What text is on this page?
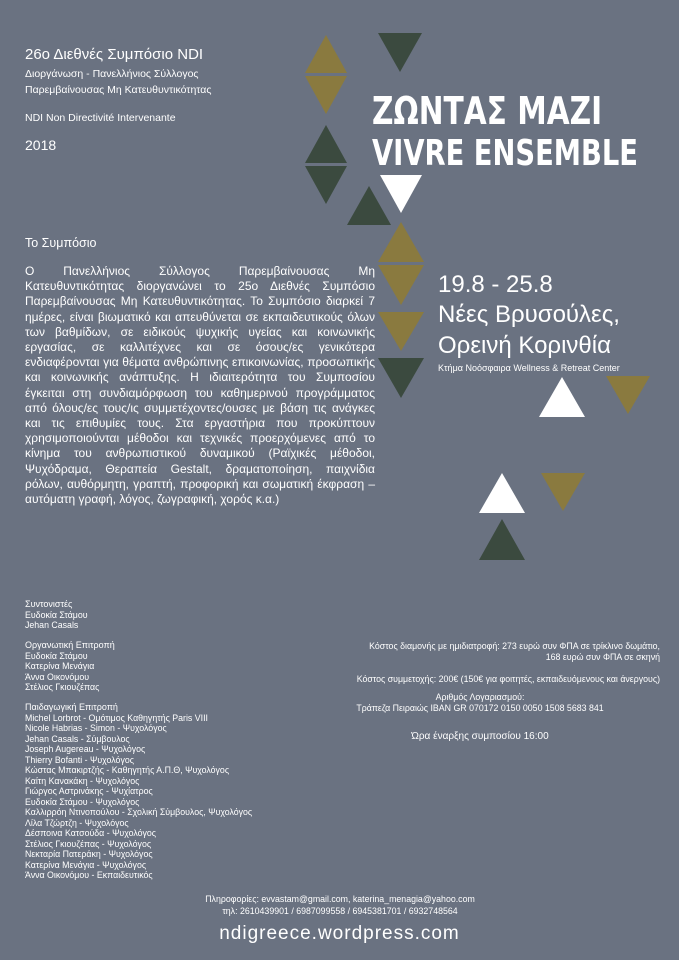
26ο Διεθνές Συμπόσιο NDI
Διοργάνωση - Πανελλήνιος Σύλλογος
Παρεμβαίνουσας Μη Κατευθυντικότητας
NDI Non Directivité Intervenante
2018
ΖΩΝΤΑΣ ΜΑΖΙ
VIVRE ENSEMBLE
Το Συμπόσιο
Ο Πανελλήνιος Σύλλογος Παρεμβαίνουσας Μη Κατευθυντικότητας διοργανώνει το 25ο Διεθνές Συμπόσιο Παρεμβαίνουσας Μη Κατευθυντικότητας. Το Συμπόσιο διαρκεί 7 ημέρες, είναι βιωματικό και απευθύνεται σε εκπαιδευτικούς όλων των βαθμίδων, σε ειδικούς ψυχικής υγείας και κοινωνικής εργασίας, σε καλλιτέχνες και σε όσους/ες γενικότερα ενδιαφέρονται για θέματα ανθρώπινης επικοινωνίας, προσωπικής και κοινωνικής ανάπτυξης. Η ιδιαιτερότητα του Συμποσίου έγκειται στη συνδιαμόρφωση του καθημερινού προγράμματος από όλους/ες τους/ις συμμετέχοντες/ουσες με βάση τις ανάγκες και τις επιθυμίες τους. Στα εργαστήρια που προκύπτουν χρησιμοποιούνται μέθοδοι και τεχνικές προερχόμενες από το κίνημα του ανθρωπιστικού δυναμικού (Ραϊχικές μέθοδοι, Ψυχόδραμα, Θεραπεία Gestalt, δραματοποίηση, παιχνίδια ρόλων, αυθόρμητη, γραπτή, προφορική και σωματική έκφραση – αυτόματη γραφή, λόγος, ζωγραφική, χορός κ.α.)
19.8 - 25.8
Νέες Βρυσούλες,
Ορεινή Κορινθία
Κτήμα Νοόσφαιρα Wellness & Retreat Center
Συντονιστές
Ευδοκία Στάμου
Jehan Casals
Οργανωτική Επιτροπή
Ευδοκία Στάμου
Κατερίνα Μενάγια
Άννα Οικονόμου
Στέλιος Γκιουζέπας
Παιδαγωγική Επιτροπή
Michel Lorbrot - Ομότιμος Καθηγητής Paris VIII
Nicole Habrias - Simon - Ψυχολόγος
Jehan Casals - Σύμβουλος
Joseph Augereau - Ψυχολόγος
Thierry Bofanti - Ψυχολόγος
Κώστας Μπακιρτζής - Καθηγητής Α.Π.Θ, Ψυχολόγος
Καίτη Κανακάκη - Ψυχολόγος
Γιώργος Αστρινάκης - Ψυχίατρος
Ευδοκία Στάμου - Ψυχολόγος
Καλλιρρόη Ντινοπούλου - Σχολική Σύμβουλος, Ψυχολόγος
Λίλα Τζώρτζη - Ψυχολόγος
Δέσποινα Κατσούδα - Ψυχολόγος
Στέλιος Γκιουζέπας - Ψυχολόγος
Νεκταρία Πατεράκη - Ψυχολόγος
Κατερίνα Μενάγια - Ψυχολόγος
Άννα Οικονόμου - Εκπαιδευτικός
Κόστος διαμονής με ημιδιατροφή: 273 ευρώ συν ΦΠΑ σε τρίκλινο δωμάτιο,
168 ευρώ συν ΦΠΑ σε σκηνή
Κόστος συμμετοχής: 200€ (150€ για φοιτητές, εκπαιδευόμενους και άνεργους)
Αριθμός Λογαριασμού:
Τράπεζα Πειραιώς IBAN GR 070172 0150 0050 1508 5683 841
Ώρα έναρξης συμποσίου 16:00
Πληροφορίες: evvastam@gmail.com, katerina_menagia@yahoo.com
τηλ: 2610439901 / 6987099558 / 6945381701 / 6932748564
ndigreece.wordpress.com
